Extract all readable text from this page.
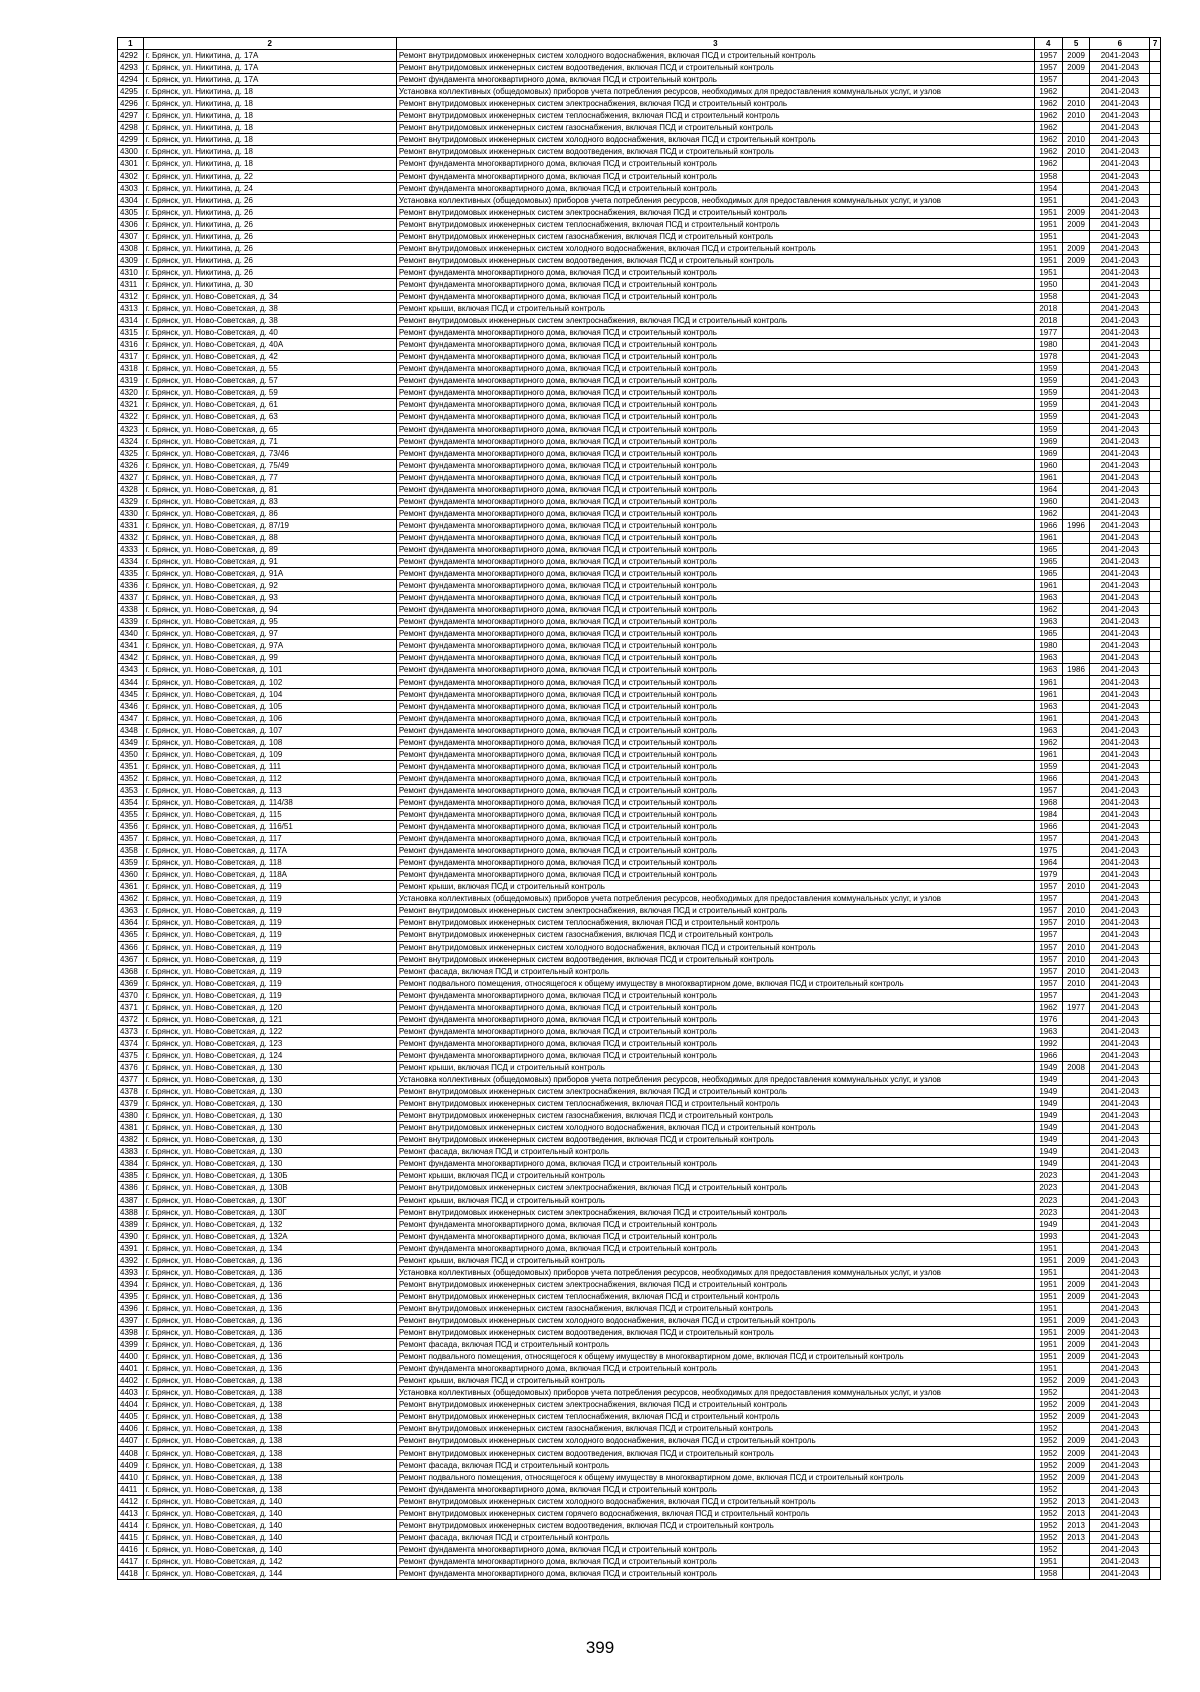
1	2	3	4	5	6	7
4292	г. Брянск, ул. Никитина, д. 17А	Ремонт внутридомовых инженерных систем холодного водоснабжения, включая ПСД и строительный контроль	1957	2009	2041-2043	
4293	г. Брянск, ул. Никитина, д. 17А	Ремонт внутридомовых инженерных систем водоотведения, включая ПСД и строительный контроль	1957	2009	2041-2043	
4294	г. Брянск, ул. Никитина, д. 17А	Ремонт фундамента многоквартирного дома, включая ПСД и строительный контроль	1957		2041-2043	
4295	г. Брянск, ул. Никитина, д. 18	Установка коллективных (общедомовых) приборов учета потребления ресурсов, необходимых для предоставления коммунальных услуг, и узлов	1962		2041-2043	
4296	г. Брянск, ул. Никитина, д. 18	Ремонт внутридомовых инженерных систем электроснабжения, включая ПСД и строительный контроль	1962	2010	2041-2043	
4297	г. Брянск, ул. Никитина, д. 18	Ремонт внутридомовых инженерных систем теплоснабжения, включая ПСД и строительный контроль	1962	2010	2041-2043	
4298	г. Брянск, ул. Никитина, д. 18	Ремонт внутридомовых инженерных систем газоснабжения, включая ПСД и строительный контроль	1962		2041-2043	
4299	г. Брянск, ул. Никитина, д. 18	Ремонт внутридомовых инженерных систем холодного водоснабжения, включая ПСД и строительный контроль	1962	2010	2041-2043	
4300	г. Брянск, ул. Никитина, д. 18	Ремонт внутридомовых инженерных систем водоотведения, включая ПСД и строительный контроль	1962	2010	2041-2043	
4301	г. Брянск, ул. Никитина, д. 18	Ремонт фундамента многоквартирного дома, включая ПСД и строительный контроль	1962		2041-2043	
4302	г. Брянск, ул. Никитина, д. 22	Ремонт фундамента многоквартирного дома, включая ПСД и строительный контроль	1958		2041-2043	
4303	г. Брянск, ул. Никитина, д. 24	Ремонт фундамента многоквартирного дома, включая ПСД и строительный контроль	1954		2041-2043	
4304	г. Брянск, ул. Никитина, д. 26	Установка коллективных (общедомовых) приборов учета потребления ресурсов, необходимых для предоставления коммунальных услуг, и узлов	1951		2041-2043	
4305	г. Брянск, ул. Никитина, д. 26	Ремонт внутридомовых инженерных систем электроснабжения, включая ПСД и строительный контроль	1951	2009	2041-2043	
4306	г. Брянск, ул. Никитина, д. 26	Ремонт внутридомовых инженерных систем теплоснабжения, включая ПСД и строительный контроль	1951	2009	2041-2043	
4307	г. Брянск, ул. Никитина, д. 26	Ремонт внутридомовых инженерных систем газоснабжения, включая ПСД и строительный контроль	1951		2041-2043	
4308	г. Брянск, ул. Никитина, д. 26	Ремонт внутридомовых инженерных систем холодного водоснабжения, включая ПСД и строительный контроль	1951	2009	2041-2043	
4309	г. Брянск, ул. Никитина, д. 26	Ремонт внутридомовых инженерных систем водоотведения, включая ПСД и строительный контроль	1951	2009	2041-2043	
4310	г. Брянск, ул. Никитина, д. 26	Ремонт фундамента многоквартирного дома, включая ПСД и строительный контроль	1951		2041-2043	
4311	г. Брянск, ул. Никитина, д. 30	Ремонт фундамента многоквартирного дома, включая ПСД и строительный контроль	1950		2041-2043	
4312	г. Брянск, ул. Ново-Советская, д. 34	Ремонт фундамента многоквартирного дома, включая ПСД и строительный контроль	1958		2041-2043	
4313	г. Брянск, ул. Ново-Советская, д. 38	Ремонт крыши, включая ПСД и строительный контроль	2018		2041-2043	
4314	г. Брянск, ул. Ново-Советская, д. 38	Ремонт внутридомовых инженерных систем электроснабжения, включая ПСД и строительный контроль	2018		2041-2043	
4315	г. Брянск, ул. Ново-Советская, д. 40	Ремонт фундамента многоквартирного дома, включая ПСД и строительный контроль	1977		2041-2043	
4316	г. Брянск, ул. Ново-Советская, д. 40А	Ремонт фундамента многоквартирного дома, включая ПСД и строительный контроль	1980		2041-2043	
4317	г. Брянск, ул. Ново-Советская, д. 42	Ремонт фундамента многоквартирного дома, включая ПСД и строительный контроль	1978		2041-2043	
4318	г. Брянск, ул. Ново-Советская, д. 55	Ремонт фундамента многоквартирного дома, включая ПСД и строительный контроль	1959		2041-2043	
4319	г. Брянск, ул. Ново-Советская, д. 57	Ремонт фундамента многоквартирного дома, включая ПСД и строительный контроль	1959		2041-2043	
4320	г. Брянск, ул. Ново-Советская, д. 59	Ремонт фундамента многоквартирного дома, включая ПСД и строительный контроль	1959		2041-2043	
4321	г. Брянск, ул. Ново-Советская, д. 61	Ремонт фундамента многоквартирного дома, включая ПСД и строительный контроль	1959		2041-2043	
4322	г. Брянск, ул. Ново-Советская, д. 63	Ремонт фундамента многоквартирного дома, включая ПСД и строительный контроль	1959		2041-2043	
4323	г. Брянск, ул. Ново-Советская, д. 65	Ремонт фундамента многоквартирного дома, включая ПСД и строительный контроль	1959		2041-2043	
4324	г. Брянск, ул. Ново-Советская, д. 71	Ремонт фундамента многоквартирного дома, включая ПСД и строительный контроль	1969		2041-2043	
4325	г. Брянск, ул. Ново-Советская, д. 73/46	Ремонт фундамента многоквартирного дома, включая ПСД и строительный контроль	1969		2041-2043	
4326	г. Брянск, ул. Ново-Советская, д. 75/49	Ремонт фундамента многоквартирного дома, включая ПСД и строительный контроль	1960		2041-2043	
4327	г. Брянск, ул. Ново-Советская, д. 77	Ремонт фундамента многоквартирного дома, включая ПСД и строительный контроль	1961		2041-2043	
4328	г. Брянск, ул. Ново-Советская, д. 81	Ремонт фундамента многоквартирного дома, включая ПСД и строительный контроль	1964		2041-2043	
4329	г. Брянск, ул. Ново-Советская, д. 83	Ремонт фундамента многоквартирного дома, включая ПСД и строительный контроль	1960		2041-2043	
4330	г. Брянск, ул. Ново-Советская, д. 86	Ремонт фундамента многоквартирного дома, включая ПСД и строительный контроль	1962		2041-2043	
4331	г. Брянск, ул. Ново-Советская, д. 87/19	Ремонт фундамента многоквартирного дома, включая ПСД и строительный контроль	1966	1996	2041-2043	
4332	г. Брянск, ул. Ново-Советская, д. 88	Ремонт фундамента многоквартирного дома, включая ПСД и строительный контроль	1961		2041-2043	
4333	г. Брянск, ул. Ново-Советская, д. 89	Ремонт фундамента многоквартирного дома, включая ПСД и строительный контроль	1965		2041-2043	
4334	г. Брянск, ул. Ново-Советская, д. 91	Ремонт фундамента многоквартирного дома, включая ПСД и строительный контроль	1965		2041-2043	
4335	г. Брянск, ул. Ново-Советская, д. 91А	Ремонт фундамента многоквартирного дома, включая ПСД и строительный контроль	1965		2041-2043	
4336	г. Брянск, ул. Ново-Советская, д. 92	Ремонт фундамента многоквартирного дома, включая ПСД и строительный контроль	1961		2041-2043	
4337	г. Брянск, ул. Ново-Советская, д. 93	Ремонт фундамента многоквартирного дома, включая ПСД и строительный контроль	1963		2041-2043	
4338	г. Брянск, ул. Ново-Советская, д. 94	Ремонт фундамента многоквартирного дома, включая ПСД и строительный контроль	1962		2041-2043	
4339	г. Брянск, ул. Ново-Советская, д. 95	Ремонт фундамента многоквартирного дома, включая ПСД и строительный контроль	1963		2041-2043	
4340	г. Брянск, ул. Ново-Советская, д. 97	Ремонт фундамента многоквартирного дома, включая ПСД и строительный контроль	1965		2041-2043	
4341	г. Брянск, ул. Ново-Советская, д. 97А	Ремонт фундамента многоквартирного дома, включая ПСД и строительный контроль	1980		2041-2043	
4342	г. Брянск, ул. Ново-Советская, д. 99	Ремонт фундамента многоквартирного дома, включая ПСД и строительный контроль	1963		2041-2043	
4343	г. Брянск, ул. Ново-Советская, д. 101	Ремонт фундамента многоквартирного дома, включая ПСД и строительный контроль	1963	1986	2041-2043	
4344	г. Брянск, ул. Ново-Советская, д. 102	Ремонт фундамента многоквартирного дома, включая ПСД и строительный контроль	1961		2041-2043	
4345	г. Брянск, ул. Ново-Советская, д. 104	Ремонт фундамента многоквартирного дома, включая ПСД и строительный контроль	1961		2041-2043	
4346	г. Брянск, ул. Ново-Советская, д. 105	Ремонт фундамента многоквартирного дома, включая ПСД и строительный контроль	1963		2041-2043	
4347	г. Брянск, ул. Ново-Советская, д. 106	Ремонт фундамента многоквартирного дома, включая ПСД и строительный контроль	1961		2041-2043	
4348	г. Брянск, ул. Ново-Советская, д. 107	Ремонт фундамента многоквартирного дома, включая ПСД и строительный контроль	1963		2041-2043	
4349	г. Брянск, ул. Ново-Советская, д. 108	Ремонт фундамента многоквартирного дома, включая ПСД и строительный контроль	1962		2041-2043	
4350	г. Брянск, ул. Ново-Советская, д. 109	Ремонт фундамента многоквартирного дома, включая ПСД и строительный контроль	1961		2041-2043	
4351	г. Брянск, ул. Ново-Советская, д. 111	Ремонт фундамента многоквартирного дома, включая ПСД и строительный контроль	1959		2041-2043	
4352	г. Брянск, ул. Ново-Советская, д. 112	Ремонт фундамента многоквартирного дома, включая ПСД и строительный контроль	1966		2041-2043	
4353	г. Брянск, ул. Ново-Советская, д. 113	Ремонт фундамента многоквартирного дома, включая ПСД и строительный контроль	1957		2041-2043	
4354	г. Брянск, ул. Ново-Советская, д. 114/38	Ремонт фундамента многоквартирного дома, включая ПСД и строительный контроль	1968		2041-2043	
4355	г. Брянск, ул. Ново-Советская, д. 115	Ремонт фундамента многоквартирного дома, включая ПСД и строительный контроль	1984		2041-2043	
4356	г. Брянск, ул. Ново-Советская, д. 116/51	Ремонт фундамента многоквартирного дома, включая ПСД и строительный контроль	1966		2041-2043	
4357	г. Брянск, ул. Ново-Советская, д. 117	Ремонт фундамента многоквартирного дома, включая ПСД и строительный контроль	1957		2041-2043	
4358	г. Брянск, ул. Ново-Советская, д. 117А	Ремонт фундамента многоквартирного дома, включая ПСД и строительный контроль	1975		2041-2043	
4359	г. Брянск, ул. Ново-Советская, д. 118	Ремонт фундамента многоквартирного дома, включая ПСД и строительный контроль	1964		2041-2043	
4360	г. Брянск, ул. Ново-Советская, д. 118А	Ремонт фундамента многоквартирного дома, включая ПСД и строительный контроль	1979		2041-2043	
4361	г. Брянск, ул. Ново-Советская, д. 119	Ремонт крыши, включая ПСД и строительный контроль	1957	2010	2041-2043	
4362	г. Брянск, ул. Ново-Советская, д. 119	Установка коллективных (общедомовых) приборов учета потребления ресурсов, необходимых для предоставления коммунальных услуг, и узлов	1957		2041-2043	
4363	г. Брянск, ул. Ново-Советская, д. 119	Ремонт внутридомовых инженерных систем электроснабжения, включая ПСД и строительный контроль	1957	2010	2041-2043	
4364	г. Брянск, ул. Ново-Советская, д. 119	Ремонт внутридомовых инженерных систем теплоснабжения, включая ПСД и строительный контроль	1957	2010	2041-2043	
4365	г. Брянск, ул. Ново-Советская, д. 119	Ремонт внутридомовых инженерных систем газоснабжения, включая ПСД и строительный контроль	1957		2041-2043	
4366	г. Брянск, ул. Ново-Советская, д. 119	Ремонт внутридомовых инженерных систем холодного водоснабжения, включая ПСД и строительный контроль	1957	2010	2041-2043	
4367	г. Брянск, ул. Ново-Советская, д. 119	Ремонт внутридомовых инженерных систем водоотведения, включая ПСД и строительный контроль	1957	2010	2041-2043	
4368	г. Брянск, ул. Ново-Советская, д. 119	Ремонт фасада, включая ПСД и строительный контроль	1957	2010	2041-2043	
4369	г. Брянск, ул. Ново-Советская, д. 119	Ремонт подвального помещения, относящегося к общему имуществу в многоквартирном доме, включая ПСД и строительный контроль	1957	2010	2041-2043	
4370	г. Брянск, ул. Ново-Советская, д. 119	Ремонт фундамента многоквартирного дома, включая ПСД и строительный контроль	1957		2041-2043	
4371	г. Брянск, ул. Ново-Советская, д. 120	Ремонт фундамента многоквартирного дома, включая ПСД и строительный контроль	1962	1977	2041-2043	
4372	г. Брянск, ул. Ново-Советская, д. 121	Ремонт фундамента многоквартирного дома, включая ПСД и строительный контроль	1976		2041-2043	
4373	г. Брянск, ул. Ново-Советская, д. 122	Ремонт фундамента многоквартирного дома, включая ПСД и строительный контроль	1963		2041-2043	
4374	г. Брянск, ул. Ново-Советская, д. 123	Ремонт фундамента многоквартирного дома, включая ПСД и строительный контроль	1992		2041-2043	
4375	г. Брянск, ул. Ново-Советская, д. 124	Ремонт фундамента многоквартирного дома, включая ПСД и строительный контроль	1966		2041-2043	
4376	г. Брянск, ул. Ново-Советская, д. 130	Ремонт крыши, включая ПСД и строительный контроль	1949	2008	2041-2043	
4377	г. Брянск, ул. Ново-Советская, д. 130	Установка коллективных (общедомовых) приборов учета потребления ресурсов, необходимых для предоставления коммунальных услуг, и узлов	1949		2041-2043	
4378	г. Брянск, ул. Ново-Советская, д. 130	Ремонт внутридомовых инженерных систем электроснабжения, включая ПСД и строительный контроль	1949		2041-2043	
4379	г. Брянск, ул. Ново-Советская, д. 130	Ремонт внутридомовых инженерных систем теплоснабжения, включая ПСД и строительный контроль	1949		2041-2043	
4380	г. Брянск, ул. Ново-Советская, д. 130	Ремонт внутридомовых инженерных систем газоснабжения, включая ПСД и строительный контроль	1949		2041-2043	
4381	г. Брянск, ул. Ново-Советская, д. 130	Ремонт внутридомовых инженерных систем холодного водоснабжения, включая ПСД и строительный контроль	1949		2041-2043	
4382	г. Брянск, ул. Ново-Советская, д. 130	Ремонт внутридомовых инженерных систем водоотведения, включая ПСД и строительный контроль	1949		2041-2043	
4383	г. Брянск, ул. Ново-Советская, д. 130	Ремонт фасада, включая ПСД и строительный контроль	1949		2041-2043	
4384	г. Брянск, ул. Ново-Советская, д. 130	Ремонт фундамента многоквартирного дома, включая ПСД и строительный контроль	1949		2041-2043	
4385	г. Брянск, ул. Ново-Советская, д. 130Б	Ремонт крыши, включая ПСД и строительный контроль	2023		2041-2043	
4386	г. Брянск, ул. Ново-Советская, д. 130В	Ремонт внутридомовых инженерных систем электроснабжения, включая ПСД и строительный контроль	2023		2041-2043	
4387	г. Брянск, ул. Ново-Советская, д. 130Г	Ремонт крыши, включая ПСД и строительный контроль	2023		2041-2043	
4388	г. Брянск, ул. Ново-Советская, д. 130Г	Ремонт внутридомовых инженерных систем электроснабжения, включая ПСД и строительный контроль	2023		2041-2043	
4389	г. Брянск, ул. Ново-Советская, д. 132	Ремонт фундамента многоквартирного дома, включая ПСД и строительный контроль	1949		2041-2043	
4390	г. Брянск, ул. Ново-Советская, д. 132А	Ремонт фундамента многоквартирного дома, включая ПСД и строительный контроль	1993		2041-2043	
4391	г. Брянск, ул. Ново-Советская, д. 134	Ремонт фундамента многоквартирного дома, включая ПСД и строительный контроль	1951		2041-2043	
4392	г. Брянск, ул. Ново-Советская, д. 136	Ремонт крыши, включая ПСД и строительный контроль	1951	2009	2041-2043	
4393	г. Брянск, ул. Ново-Советская, д. 136	Установка коллективных (общедомовых) приборов учета потребления ресурсов, необходимых для предоставления коммунальных услуг, и узлов	1951		2041-2043	
4394	г. Брянск, ул. Ново-Советская, д. 136	Ремонт внутридомовых инженерных систем электроснабжения, включая ПСД и строительный контроль	1951	2009	2041-2043	
4395	г. Брянск, ул. Ново-Советская, д. 136	Ремонт внутридомовых инженерных систем теплоснабжения, включая ПСД и строительный контроль	1951	2009	2041-2043	
4396	г. Брянск, ул. Ново-Советская, д. 136	Ремонт внутридомовых инженерных систем газоснабжения, включая ПСД и строительный контроль	1951		2041-2043	
4397	г. Брянск, ул. Ново-Советская, д. 136	Ремонт внутридомовых инженерных систем холодного водоснабжения, включая ПСД и строительный контроль	1951	2009	2041-2043	
4398	г. Брянск, ул. Ново-Советская, д. 136	Ремонт внутридомовых инженерных систем водоотведения, включая ПСД и строительный контроль	1951	2009	2041-2043	
4399	г. Брянск, ул. Ново-Советская, д. 136	Ремонт фасада, включая ПСД и строительный контроль	1951	2009	2041-2043	
4400	г. Брянск, ул. Ново-Советская, д. 136	Ремонт подвального помещения, относящегося к общему имуществу в многоквартирном доме, включая ПСД и строительный контроль	1951	2009	2041-2043	
4401	г. Брянск, ул. Ново-Советская, д. 136	Ремонт фундамента многоквартирного дома, включая ПСД и строительный контроль	1951		2041-2043	
4402	г. Брянск, ул. Ново-Советская, д. 138	Ремонт крыши, включая ПСД и строительный контроль	1952	2009	2041-2043	
4403	г. Брянск, ул. Ново-Советская, д. 138	Установка коллективных (общедомовых) приборов учета потребления ресурсов, необходимых для предоставления коммунальных услуг, и узлов	1952		2041-2043	
4404	г. Брянск, ул. Ново-Советская, д. 138	Ремонт внутридомовых инженерных систем электроснабжения, включая ПСД и строительный контроль	1952	2009	2041-2043	
4405	г. Брянск, ул. Ново-Советская, д. 138	Ремонт внутридомовых инженерных систем теплоснабжения, включая ПСД и строительный контроль	1952	2009	2041-2043	
4406	г. Брянск, ул. Ново-Советская, д. 138	Ремонт внутридомовых инженерных систем газоснабжения, включая ПСД и строительный контроль	1952		2041-2043	
4407	г. Брянск, ул. Ново-Советская, д. 138	Ремонт внутридомовых инженерных систем холодного водоснабжения, включая ПСД и строительный контроль	1952	2009	2041-2043	
4408	г. Брянск, ул. Ново-Советская, д. 138	Ремонт внутридомовых инженерных систем водоотведения, включая ПСД и строительный контроль	1952	2009	2041-2043	
4409	г. Брянск, ул. Ново-Советская, д. 138	Ремонт фасада, включая ПСД и строительный контроль	1952	2009	2041-2043	
4410	г. Брянск, ул. Ново-Советская, д. 138	Ремонт подвального помещения, относящегося к общему имуществу в многоквартирном доме, включая ПСД и строительный контроль	1952	2009	2041-2043	
4411	г. Брянск, ул. Ново-Советская, д. 138	Ремонт фундамента многоквартирного дома, включая ПСД и строительный контроль	1952		2041-2043	
4412	г. Брянск, ул. Ново-Советская, д. 140	Ремонт внутридомовых инженерных систем холодного водоснабжения, включая ПСД и строительный контроль	1952	2013	2041-2043	
4413	г. Брянск, ул. Ново-Советская, д. 140	Ремонт внутридомовых инженерных систем горячего водоснабжения, включая ПСД и строительный контроль	1952	2013	2041-2043	
4414	г. Брянск, ул. Ново-Советская, д. 140	Ремонт внутридомовых инженерных систем водоотведения, включая ПСД и строительный контроль	1952	2013	2041-2043	
4415	г. Брянск, ул. Ново-Советская, д. 140	Ремонт фасада, включая ПСД и строительный контроль	1952	2013	2041-2043	
4416	г. Брянск, ул. Ново-Советская, д. 140	Ремонт фундамента многоквартирного дома, включая ПСД и строительный контроль	1952		2041-2043	
4417	г. Брянск, ул. Ново-Советская, д. 142	Ремонт фундамента многоквартирного дома, включая ПСД и строительный контроль	1951		2041-2043	
4418	г. Брянск, ул. Ново-Советская, д. 144	Ремонт фундамента многоквартирного дома, включая ПСД и строительный контроль	1958		2041-2043	
399
